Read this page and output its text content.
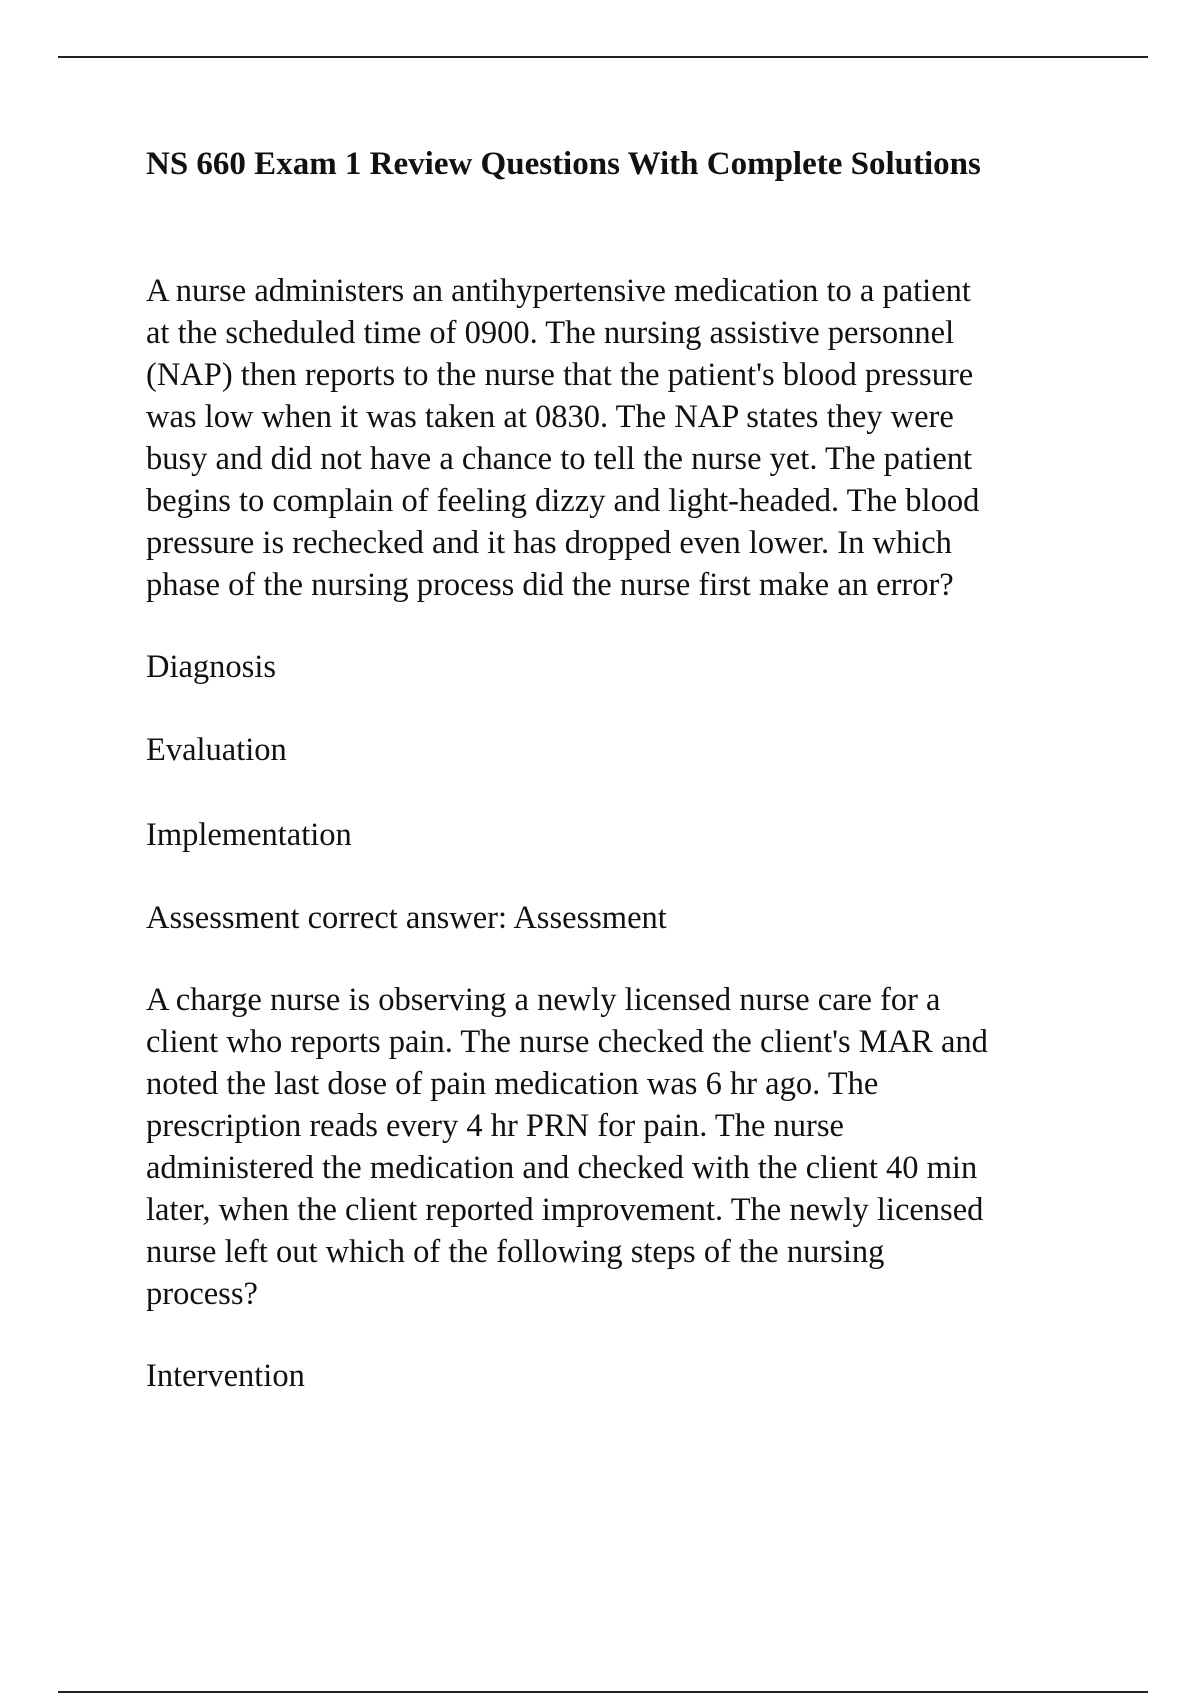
NS 660 Exam 1 Review Questions With Complete Solutions
A nurse administers an antihypertensive medication to a patient
at the scheduled time of 0900. The nursing assistive personnel
(NAP) then reports to the nurse that the patient's blood pressure
was low when it was taken at 0830. The NAP states they were
busy and did not have a chance to tell the nurse yet. The patient
begins to complain of feeling dizzy and light-headed. The blood
pressure is rechecked and it has dropped even lower. In which
phase of the nursing process did the nurse first make an error?
Diagnosis
Evaluation
Implementation
Assessment correct answer: Assessment
A charge nurse is observing a newly licensed nurse care for a
client who reports pain. The nurse checked the client's MAR and
noted the last dose of pain medication was 6 hr ago. The
prescription reads every 4 hr PRN for pain. The nurse
administered the medication and checked with the client 40 min
later, when the client reported improvement. The newly licensed
nurse left out which of the following steps of the nursing
process?
Intervention
